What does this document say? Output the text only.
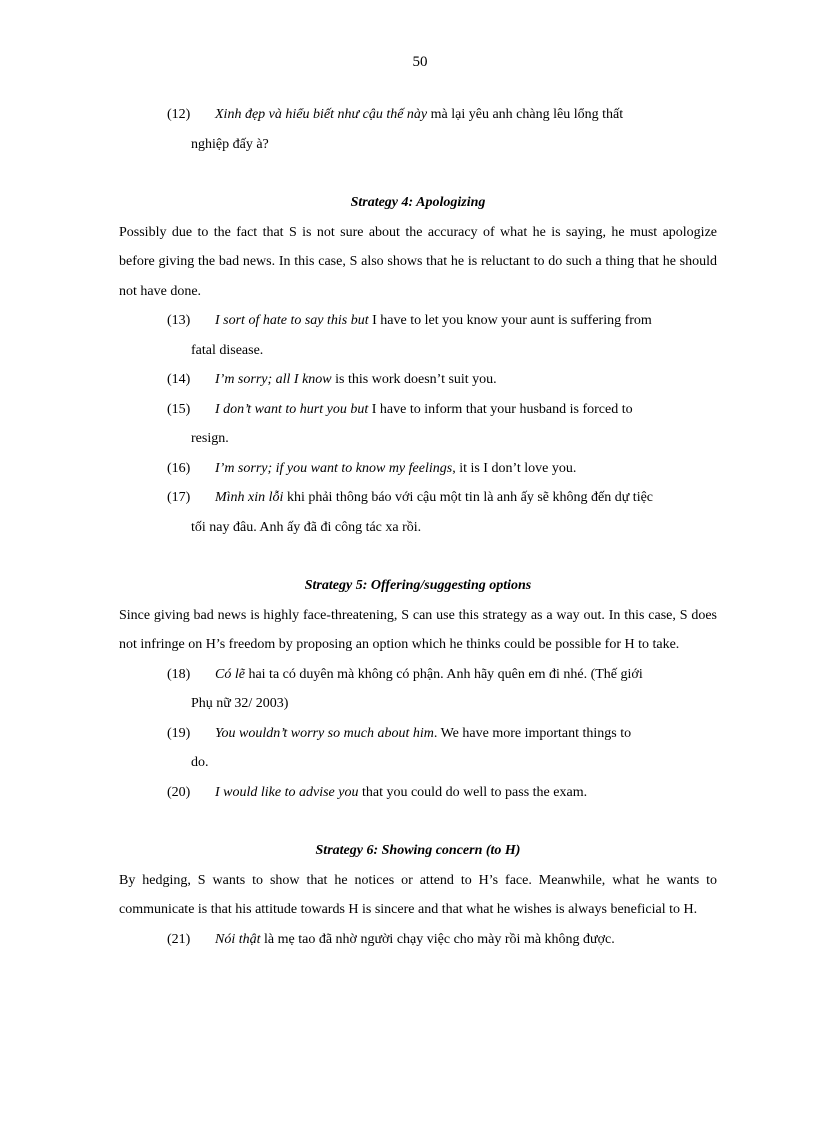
50
(12)	Xinh đẹp và hiểu biết như cậu thế này mà lại yêu anh chàng lêu lổng thất
nghiệp đấy à?

Strategy 4: Apologizing

Possibly due to the fact that S is not sure about the accuracy of what he is saying, he must apologize before giving the bad news. In this case, S also shows that he is reluctant to do such a thing that he should not have done.

(13)	I sort of hate to say this but I have to let you know your aunt is suffering from
fatal disease.
(14)	I’m sorry; all I know is this work doesn’t suit you.
(15)	I don’t want to hurt you but I have to inform that your husband is forced to
resign.
(16)	I’m sorry; if you want to know my feelings, it is I don’t love you.
(17)	Mình xin lỗi khi phải thông báo với cậu một tin là anh ấy sẽ không đến dự tiệc
tối nay đâu. Anh ấy đã đi công tác xa rồi.

Strategy 5: Offering/suggesting options

Since giving bad news is highly face-threatening, S can use this strategy as a way out. In this case, S does not infringe on H’s freedom by proposing an option which he thinks could be possible for H to take.

(18)	Có lẽ hai ta có duyên mà không có phận. Anh hãy quên em đi nhé. (Thế giới
Phụ nữ 32/ 2003)
(19)	You wouldn’t worry so much about him. We have more important things to
do.
(20)	I would like to advise you that you could do well to pass the exam.

Strategy 6: Showing concern (to H)

By hedging, S wants to show that he notices or attend to H’s face. Meanwhile, what he wants to communicate is that his attitude towards H is sincere and that what he wishes is always beneficial to H.

(21)	Nói thật là mẹ tao đã nhờ người chạy việc cho mày rồi mà không được.
